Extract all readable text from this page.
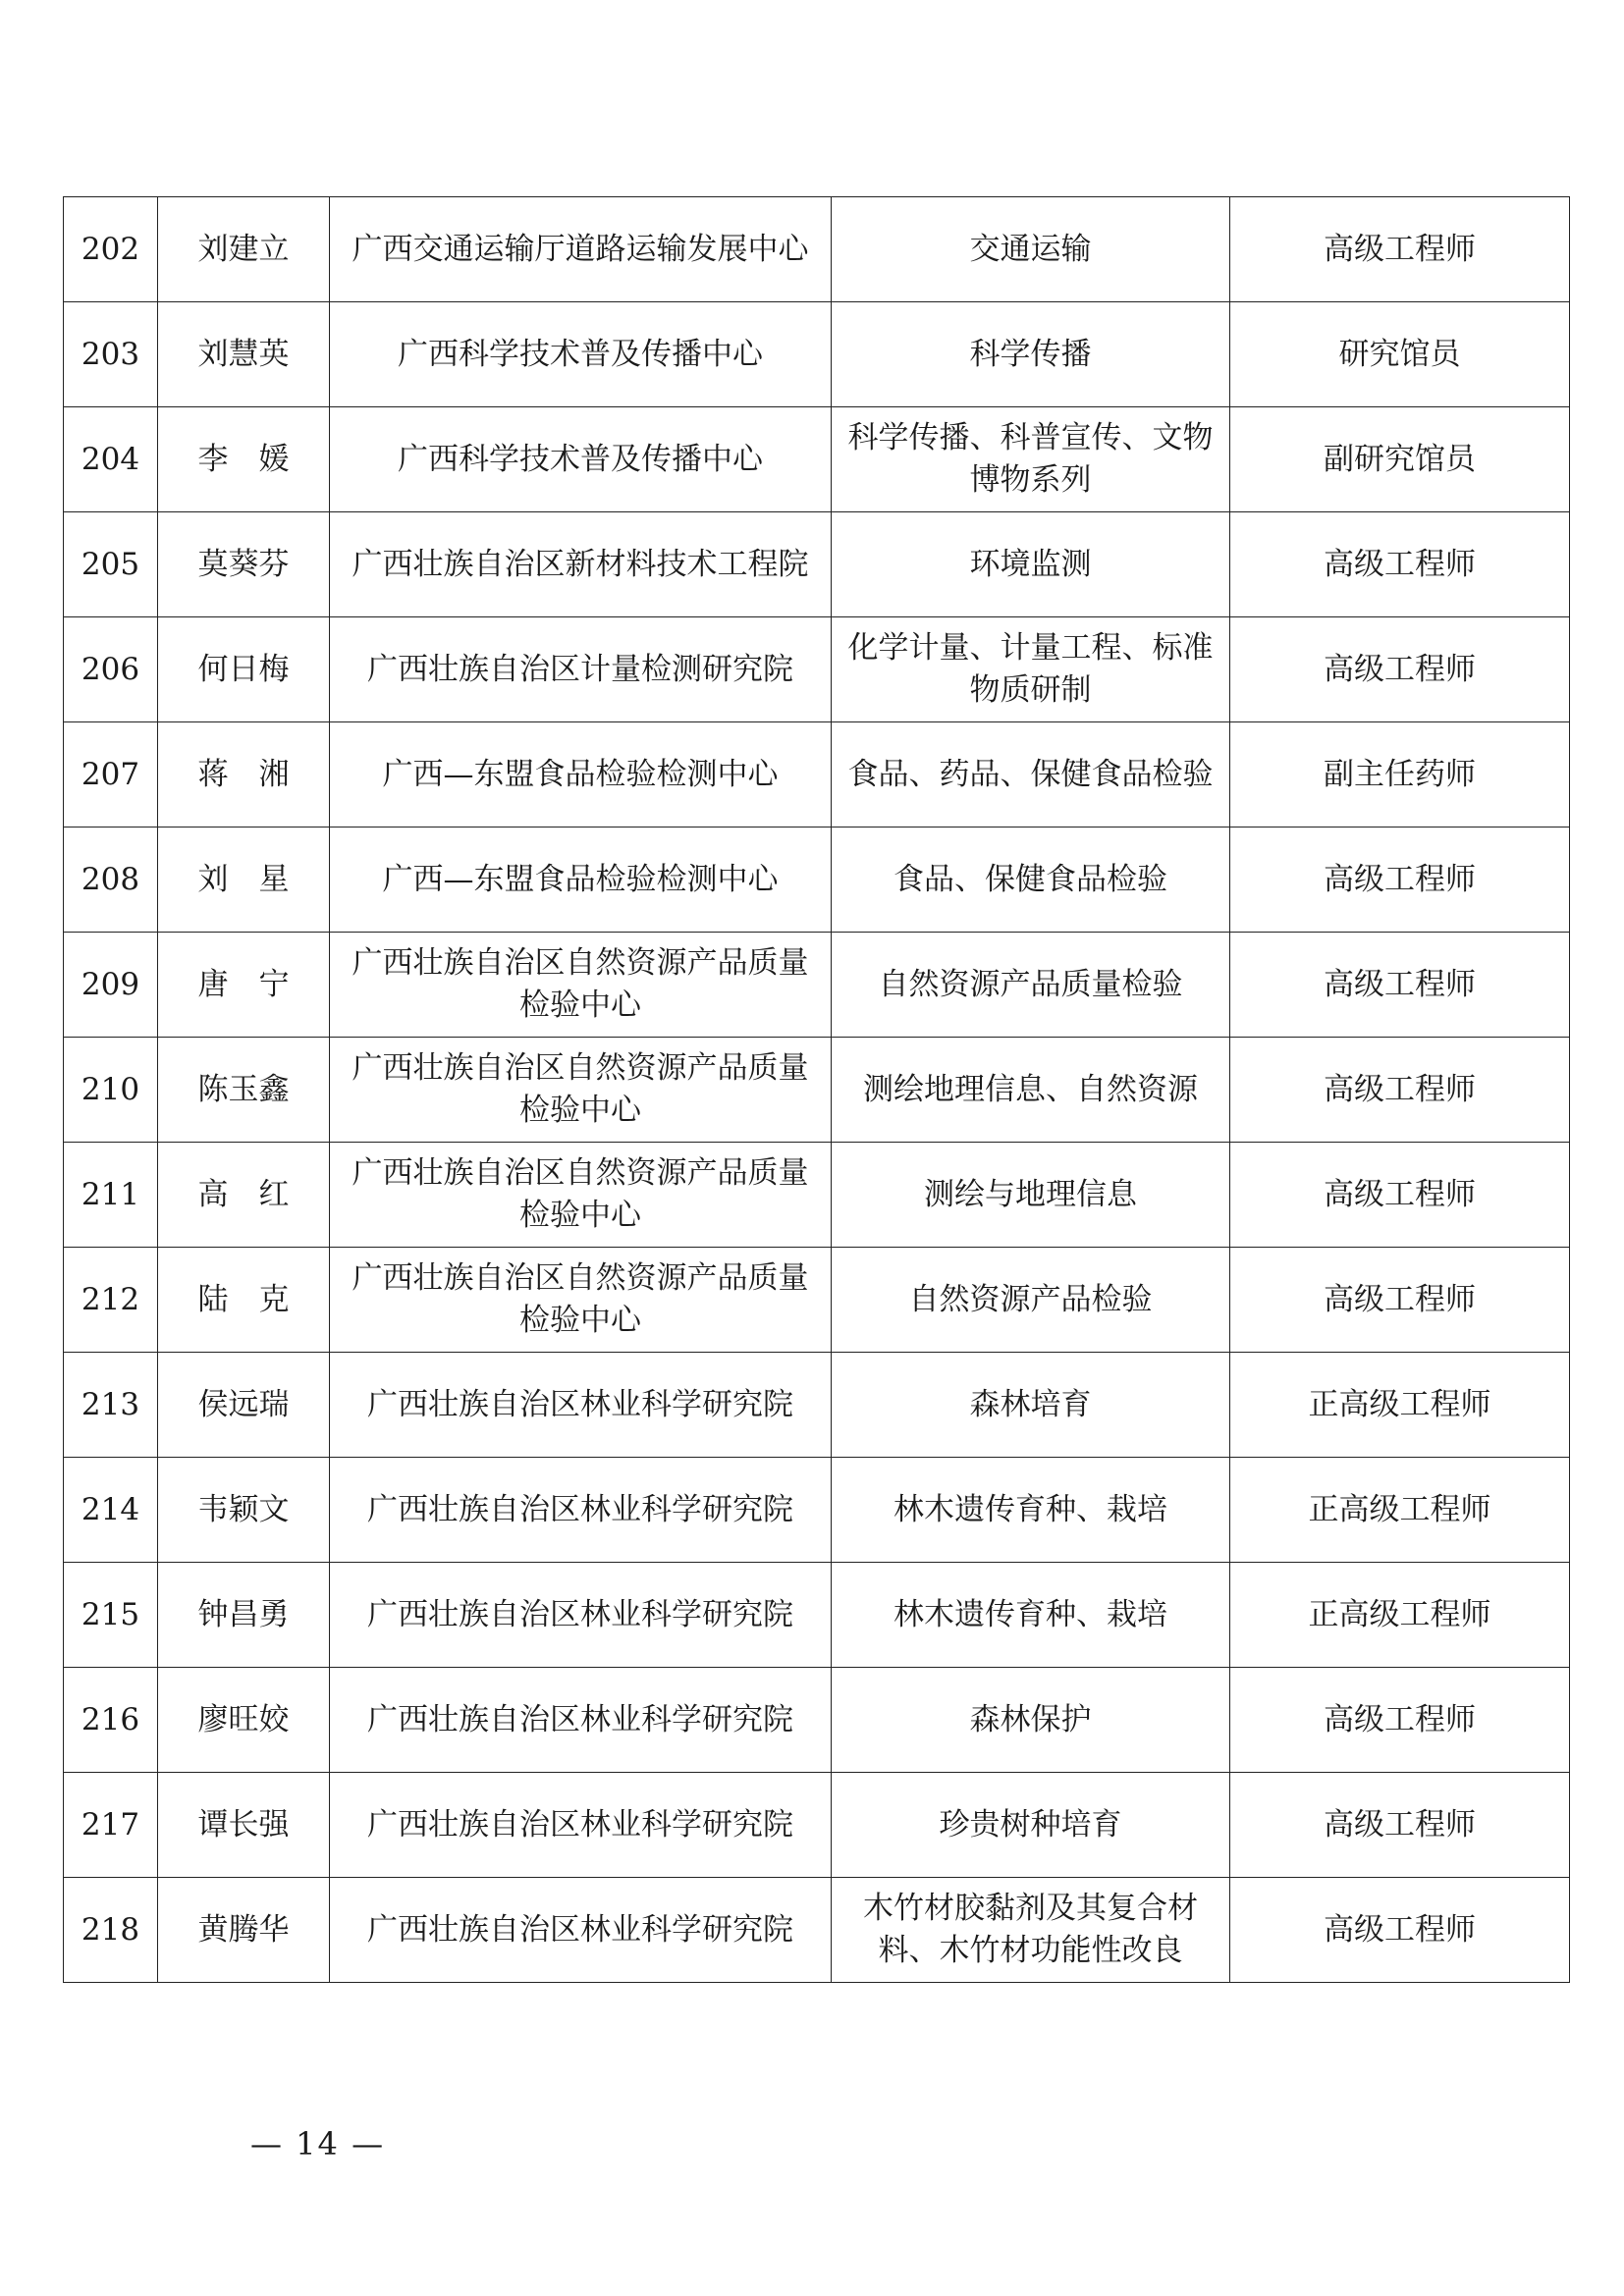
202	刘建立	广西交通运输厅道路运输发展中心	交通运输	高级工程师
203	刘慧英	广西科学技术普及传播中心	科学传播	研究馆员
204	李　媛	广西科学技术普及传播中心	科学传播、科普宣传、文物博物系列	副研究馆员
205	莫葵芬	广西壮族自治区新材料技术工程院	环境监测	高级工程师
206	何日梅	广西壮族自治区计量检测研究院	化学计量、计量工程、标准物质研制	高级工程师
207	蒋　湘	广西—东盟食品检验检测中心	食品、药品、保健食品检验	副主任药师
208	刘　星	广西—东盟食品检验检测中心	食品、保健食品检验	高级工程师
209	唐　宁	广西壮族自治区自然资源产品质量检验中心	自然资源产品质量检验	高级工程师
210	陈玉鑫	广西壮族自治区自然资源产品质量检验中心	测绘地理信息、自然资源	高级工程师
211	高　红	广西壮族自治区自然资源产品质量检验中心	测绘与地理信息	高级工程师
212	陆　克	广西壮族自治区自然资源产品质量检验中心	自然资源产品检验	高级工程师
213	侯远瑞	广西壮族自治区林业科学研究院	森林培育	正高级工程师
214	韦颖文	广西壮族自治区林业科学研究院	林木遗传育种、栽培	正高级工程师
215	钟昌勇	广西壮族自治区林业科学研究院	林木遗传育种、栽培	正高级工程师
216	廖旺姣	广西壮族自治区林业科学研究院	森林保护	高级工程师
217	谭长强	广西壮族自治区林业科学研究院	珍贵树种培育	高级工程师
218	黄腾华	广西壮族自治区林业科学研究院	木竹材胶黏剂及其复合材料、木竹材功能性改良	高级工程师
— 14 —
